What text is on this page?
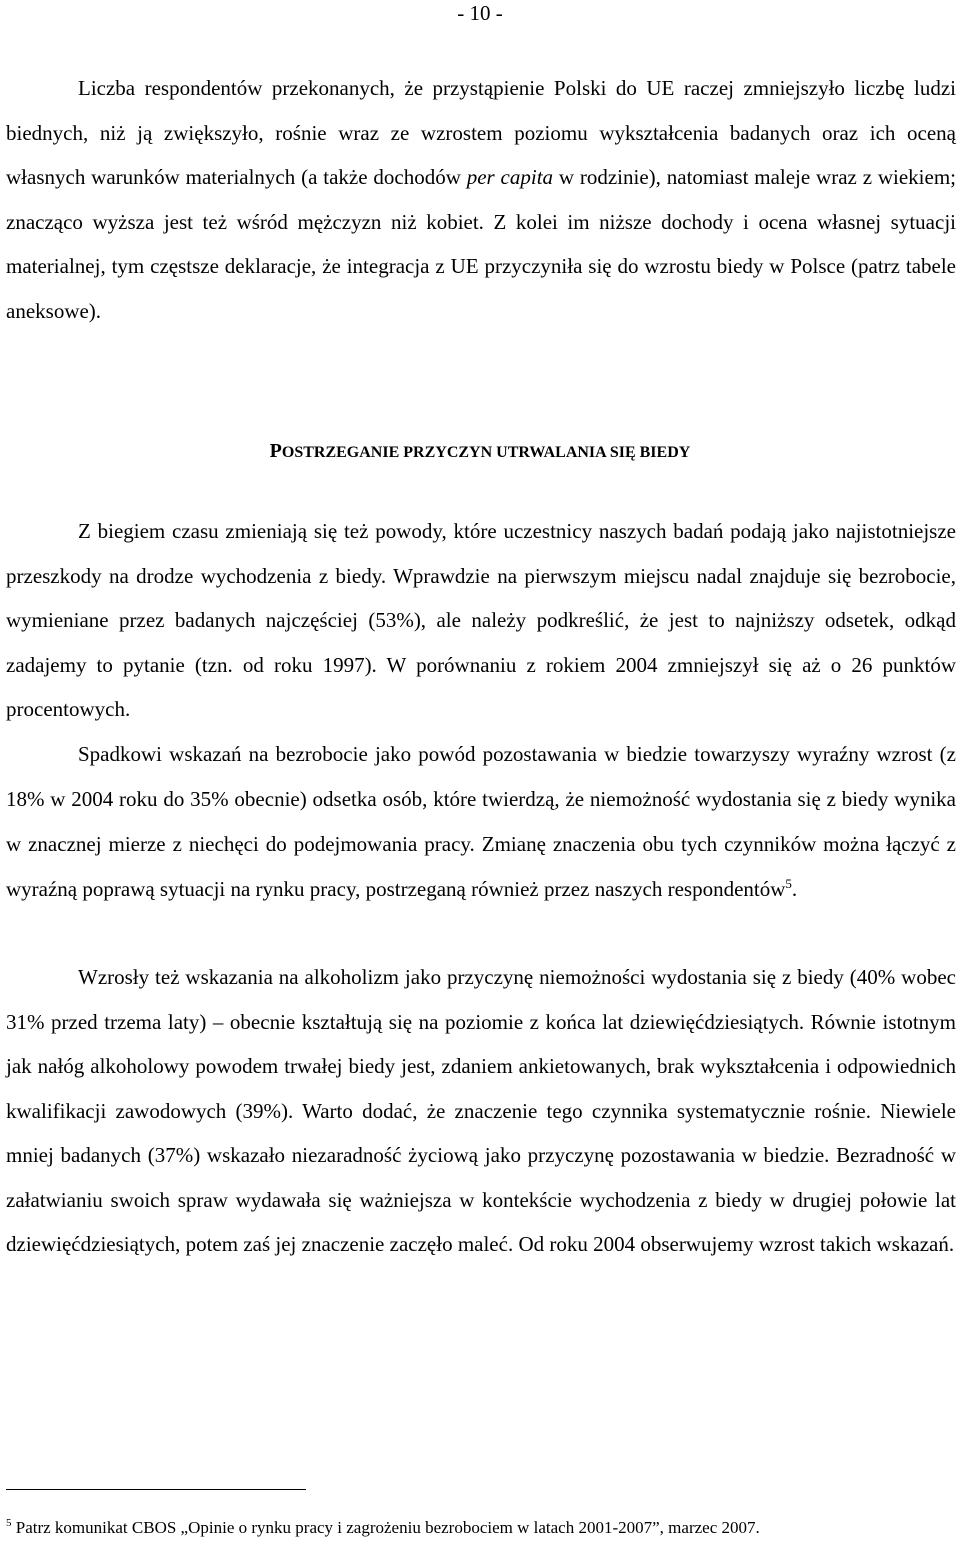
- 10 -

Liczba respondentów przekonanych, że przystąpienie Polski do UE raczej zmniejszyło liczbę ludzi biednych, niż ją zwiększyło, rośnie wraz ze wzrostem poziomu wykształcenia badanych oraz ich oceną własnych warunków materialnych (a także dochodów per capita w rodzinie), natomiast maleje wraz z wiekiem; znacząco wyższa jest też wśród mężczyzn niż kobiet. Z kolei im niższe dochody i ocena własnej sytuacji materialnej, tym częstsze deklaracje, że integracja z UE przyczyniła się do wzrostu biedy w Polsce (patrz tabele aneksowe).

POSTRZEGANIE PRZYCZYN UTRWALANIA SIĘ BIEDY

Z biegiem czasu zmieniają się też powody, które uczestnicy naszych badań podają jako najistotniejsze przeszkody na drodze wychodzenia z biedy. Wprawdzie na pierwszym miejscu nadal znajduje się bezrobocie, wymieniane przez badanych najczęściej (53%), ale należy podkreślić, że jest to najniższy odsetek, odkąd zadajemy to pytanie (tzn. od roku 1997). W porównaniu z rokiem 2004 zmniejszył się aż o 26 punktów procentowych.

Spadkowi wskazań na bezrobocie jako powód pozostawania w biedzie towarzyszy wyraźny wzrost (z 18% w 2004 roku do 35% obecnie) odsetka osób, które twierdzą, że niemożność wydostania się z biedy wynika w znacznej mierze z niechęci do podejmowania pracy. Zmianę znaczenia obu tych czynników można łączyć z wyraźną poprawą sytuacji na rynku pracy, postrzeganą również przez naszych respondentów$^5$.

Wzrosły też wskazania na alkoholizm jako przyczynę niemożności wydostania się z biedy (40% wobec 31% przed trzema laty) – obecnie kształtują się na poziomie z końca lat dziewięćdziesiątych. Równie istotnym jak nałóg alkoholowy powodem trwałej biedy jest, zdaniem ankietowanych, brak wykształcenia i odpowiednich kwalifikacji zawodowych (39%). Warto dodać, że znaczenie tego czynnika systematycznie rośnie. Niewiele mniej badanych (37%) wskazało niezaradność życiową jako przyczynę pozostawania w biedzie. Bezradność w załatwianiu swoich spraw wydawała się ważniejsza w kontekście wychodzenia z biedy w drugiej połowie lat dziewięćdziesiątych, potem zaś jej znaczenie zaczęło maleć. Od roku 2004 obserwujemy wzrost takich wskazań.

$^5$ Patrz komunikat CBOS „Opinie o rynku pracy i zagrożeniu bezrobociem w latach 2001-2007”, marzec 2007.
